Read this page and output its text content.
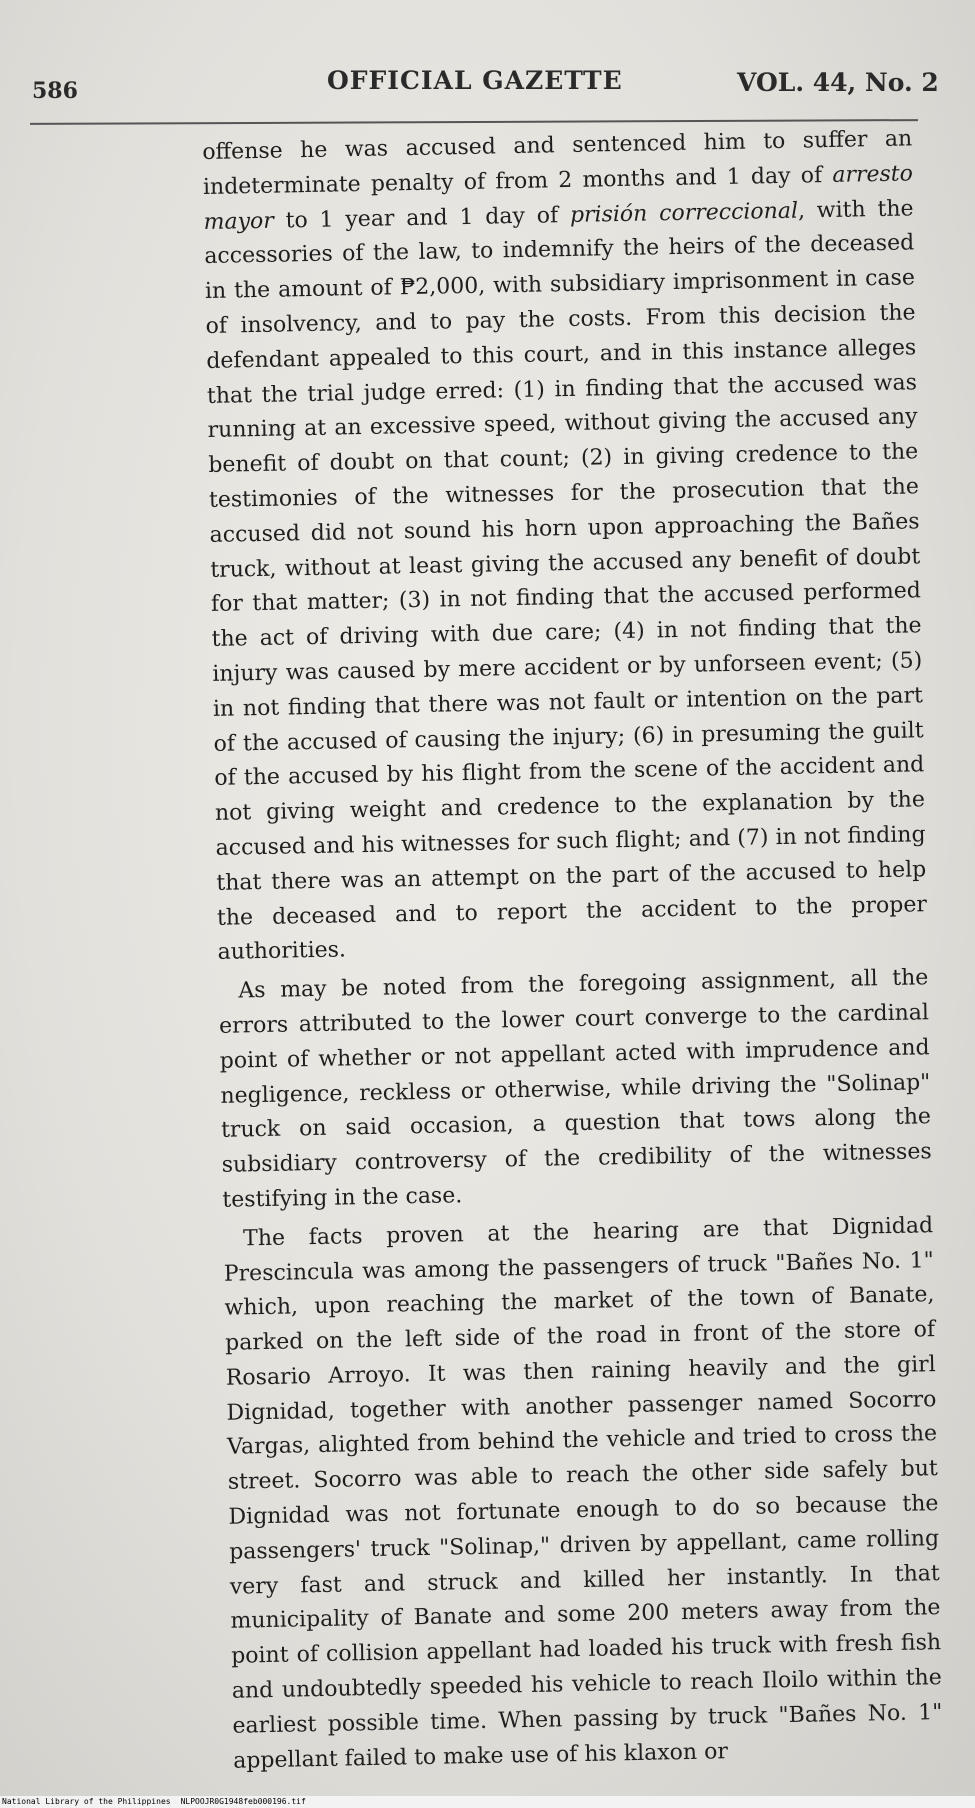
586	OFFICIAL GAZETTE	VOL. 44, No. 2

offense he was accused and sentenced him to suffer an indeterminate penalty of from 2 months and 1 day of arresto mayor to 1 year and 1 day of prisión correccional, with the accessories of the law, to indemnify the heirs of the deceased in the amount of ₱2,000, with subsidiary imprisonment in case of insolvency, and to pay the costs. From this decision the defendant appealed to this court, and in this instance alleges that the trial judge erred: (1) in finding that the accused was running at an excessive speed, without giving the accused any benefit of doubt on that count; (2) in giving credence to the testimonies of the witnesses for the prosecution that the accused did not sound his horn upon approaching the Bañes truck, without at least giving the accused any benefit of doubt for that matter; (3) in not finding that the accused performed the act of driving with due care; (4) in not finding that the injury was caused by mere accident or by unforseen event; (5) in not finding that there was not fault or intention on the part of the accused of causing the injury; (6) in presuming the guilt of the accused by his flight from the scene of the accident and not giving weight and credence to the explanation by the accused and his witnesses for such flight; and (7) in not finding that there was an attempt on the part of the accused to help the deceased and to report the accident to the proper authorities.

As may be noted from the foregoing assignment, all the errors attributed to the lower court converge to the cardinal point of whether or not appellant acted with imprudence and negligence, reckless or otherwise, while driving the "Solinap" truck on said occasion, a question that tows along the subsidiary controversy of the credibility of the witnesses testifying in the case.

The facts proven at the hearing are that Dignidad Prescincula was among the passengers of truck "Bañes No. 1" which, upon reaching the market of the town of Banate, parked on the left side of the road in front of the store of Rosario Arroyo. It was then raining heavily and the girl Dignidad, together with another passenger named Socorro Vargas, alighted from behind the vehicle and tried to cross the street. Socorro was able to reach the other side safely but Dignidad was not fortunate enough to do so because the passengers' truck "Solinap," driven by appellant, came rolling very fast and struck and killed her instantly. In that municipality of Banate and some 200 meters away from the point of collision appellant had loaded his truck with fresh fish and undoubtedly speeded his vehicle to reach Iloilo within the earliest possible time. When passing by truck "Bañes No. 1" appellant failed to make use of his klaxon or

National Library of the Philippines NLPOOJR0G1948feb000196.tif
